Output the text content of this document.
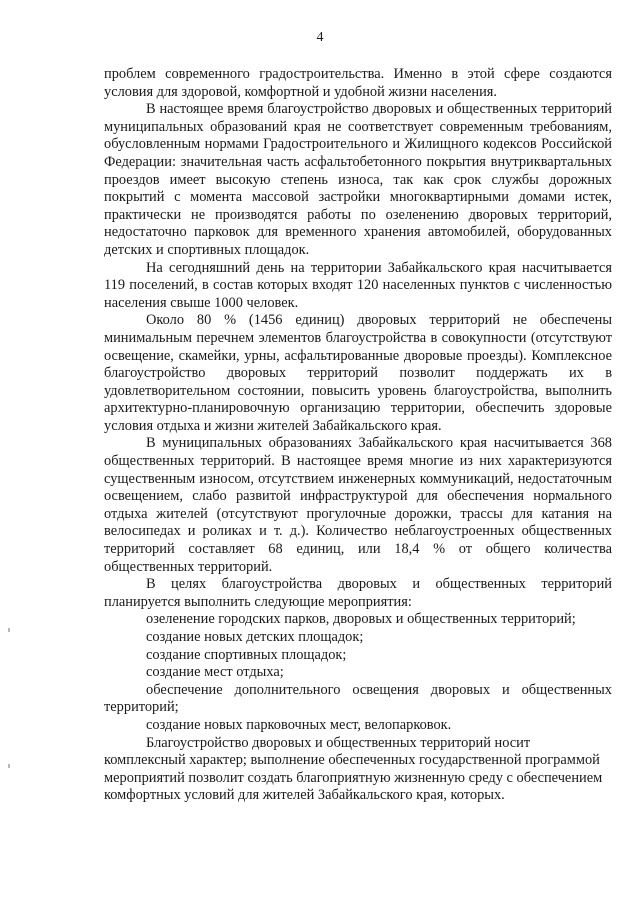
4

проблем современного градостроительства. Именно в этой сфере создаются условия для здоровой, комфортной и удобной жизни населения.

В настоящее время благоустройство дворовых и общественных территорий муниципальных образований края не соответствует современным требованиям, обусловленным нормами Градостроительного и Жилищного кодексов Российской Федерации: значительная часть асфальтобетонного покрытия внутриквартальных проездов имеет высокую степень износа, так как срок службы дорожных покрытий с момента массовой застройки многоквартирными домами истек, практически не производятся работы по озеленению дворовых территорий, недостаточно парковок для временного хранения автомобилей, оборудованных детских и спортивных площадок.

На сегодняшний день на территории Забайкальского края насчитывается 119 поселений, в состав которых входят 120 населенных пунктов с численностью населения свыше 1000 человек.

Около 80 % (1456 единиц) дворовых территорий не обеспечены минимальным перечнем элементов благоустройства в совокупности (отсутствуют освещение, скамейки, урны, асфальтированные дворовые проезды). Комплексное благоустройство дворовых территорий позволит поддержать их в удовлетворительном состоянии, повысить уровень благоустройства, выполнить архитектурно-планировочную организацию территории, обеспечить здоровые условия отдыха и жизни жителей Забайкальского края.

В муниципальных образованиях Забайкальского края насчитывается 368 общественных территорий. В настоящее время многие из них характеризуются существенным износом, отсутствием инженерных коммуникаций, недостаточным освещением, слабо развитой инфраструктурой для обеспечения нормального отдыха жителей (отсутствуют прогулочные дорожки, трассы для катания на велосипедах и роликах и т. д.). Количество неблагоустроенных общественных территорий составляет 68 единиц, или 18,4 % от общего количества общественных территорий.

В целях благоустройства дворовых и общественных территорий планируется выполнить следующие мероприятия:

озеленение городских парков, дворовых и общественных территорий;

создание новых детских площадок;

создание спортивных площадок;

создание мест отдыха;

обеспечение дополнительного освещения дворовых и общественных территорий;

создание новых парковочных мест, велопарковок.

Благоустройство дворовых и общественных территорий носит комплексный характер; выполнение обеспеченных государственной программой мероприятий позволит создать благоприятную жизненную среду с обеспечением комфортных условий для жителей Забайкальского края, которых.
